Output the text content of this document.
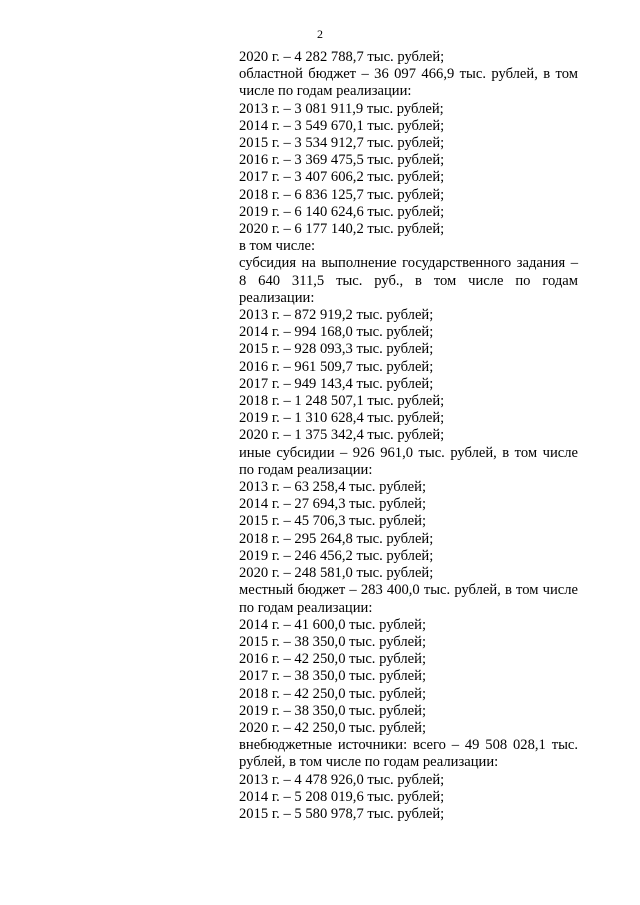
2
2020 г. – 4 282 788,7 тыс. рублей;
областной бюджет – 36 097 466,9 тыс. рублей, в том числе по годам реализации:
2013 г. – 3 081 911,9 тыс. рублей;
2014 г. – 3 549 670,1 тыс. рублей;
2015 г. – 3 534 912,7 тыс. рублей;
2016 г. – 3 369 475,5 тыс. рублей;
2017 г. – 3 407 606,2 тыс. рублей;
2018 г. – 6 836 125,7 тыс. рублей;
2019 г. – 6 140 624,6 тыс. рублей;
2020 г. – 6 177 140,2 тыс. рублей;
в том числе:
субсидия на выполнение государственного задания – 8 640 311,5 тыс. руб., в том числе по годам реализации:
2013 г. – 872 919,2 тыс. рублей;
2014 г. – 994 168,0 тыс. рублей;
2015 г. – 928 093,3 тыс. рублей;
2016 г. – 961 509,7 тыс. рублей;
2017 г. – 949 143,4 тыс. рублей;
2018 г. – 1 248 507,1 тыс. рублей;
2019 г. – 1 310 628,4 тыс. рублей;
2020 г. – 1 375 342,4 тыс. рублей;
иные субсидии – 926 961,0 тыс. рублей, в том числе по годам реализации:
2013 г. – 63 258,4 тыс. рублей;
2014 г. – 27 694,3 тыс. рублей;
2015 г. – 45 706,3 тыс. рублей;
2018 г. – 295 264,8 тыс. рублей;
2019 г. – 246 456,2 тыс. рублей;
2020 г. – 248 581,0 тыс. рублей;
местный бюджет – 283 400,0 тыс. рублей, в том числе по годам реализации:
2014 г. – 41 600,0 тыс. рублей;
2015 г. – 38 350,0 тыс. рублей;
2016 г. – 42 250,0 тыс. рублей;
2017 г. – 38 350,0 тыс. рублей;
2018 г. – 42 250,0 тыс. рублей;
2019 г. – 38 350,0 тыс. рублей;
2020 г. – 42 250,0 тыс. рублей;
внебюджетные источники: всего – 49 508 028,1 тыс. рублей, в том числе по годам реализации:
2013 г. – 4 478 926,0 тыс. рублей;
2014 г. – 5 208 019,6 тыс. рублей;
2015 г. – 5 580 978,7 тыс. рублей;
